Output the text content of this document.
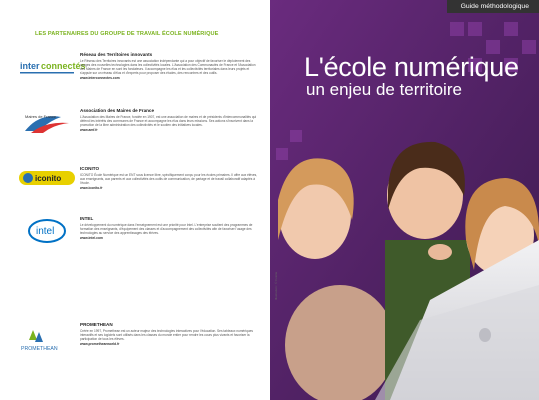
LES PARTENAIRES DU GROUPE DE TRAVAIL ÉCOLE NUMÉRIQUE
inter connectés
Réseau des Territoires innovants
Le Réseau des Territoires innovants est une association indépendante qui a pour objectif de favoriser le déploiement des usages des nouvelles technologies dans les collectivités locales. L'Association des Communautés de France et l'Association des Maires de France en sont les fondateurs. Il accompagne les élus et les collectivités territoriales dans leurs projets et s'appuie sur un réseau d'élus et d'experts pour proposer des études, des rencontres et des outils.
www.interconnectes.com
Maires de France
Association des Maires de France
L'Association des Maires de France, fondée en 1907, est une association de maires et de présidents d'intercommunalités qui défend les intérêts des communes de France et accompagne les élus dans leurs missions. Ses actions s'inscrivent dans la promotion de la libre administration des collectivités et le soutien des initiatives locales.
www.amf.fr
iconito
ICONITO
ICONITO École Numérique est un ENT sous licence libre, spécifiquement conçu pour les écoles primaires. Il offre aux élèves, aux enseignants, aux parents et aux collectivités des outils de communication, de partage et de travail collaboratif adaptés à l'école.
www.iconito.fr
intel
INTEL
Le développement du numérique dans l'enseignement est une priorité pour Intel. L'entreprise soutient des programmes de formation des enseignants, d'équipement des classes et d'accompagnement des collectivités afin de favoriser l'usage des technologies au service des apprentissages des élèves.
www.intel.com
PROMETHEAN
PROMETHEAN
Créée en 1997, Promethean est un acteur majeur des technologies interactives pour l'éducation. Ses tableaux numériques interactifs et ses logiciels sont utilisés dans les classes du monde entier pour rendre les cours plus vivants et favoriser la participation de tous les élèves.
www.prometheanworld.fr
Guide méthodologique
L'école numérique
un enjeu de territoire
Illustration : © Fotolia
